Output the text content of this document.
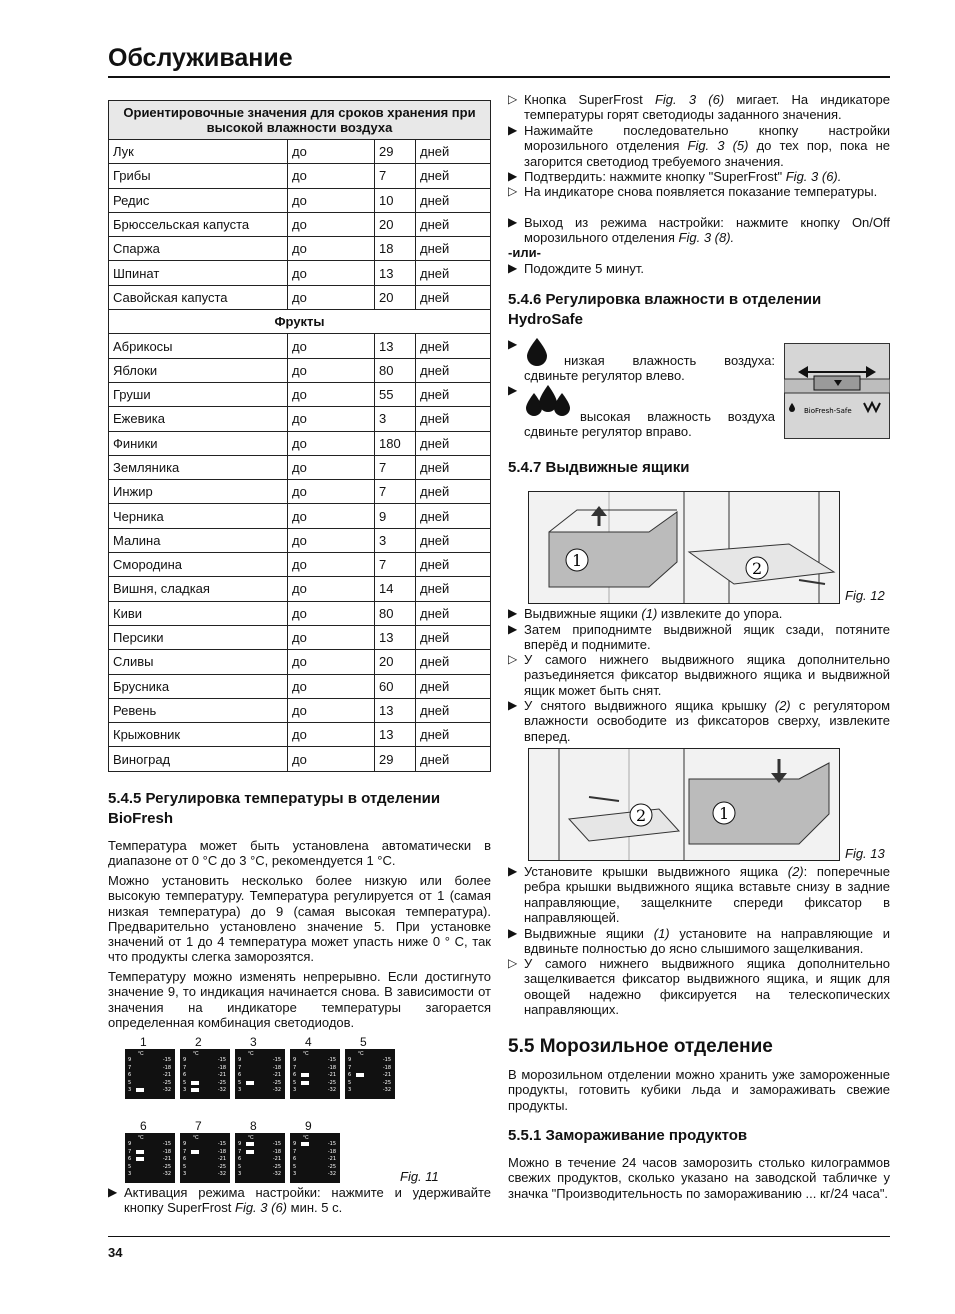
Обслуживание
Ориентировочные значения для сроков хранения при высокой влажности воздуха			
Лук	до	29	дней
Грибы	до	7	дней
Редис	до	10	дней
Брюссельская капуста	до	20	дней
Спаржа	до	18	дней
Шпинат	до	13	дней
Савойская капуста	до	20	дней
Фрукты			
Абрикосы	до	13	дней
Яблоки	до	80	дней
Груши	до	55	дней
Ежевика	до	3	дней
Финики	до	180	дней
Земляника	до	7	дней
Инжир	до	7	дней
Черника	до	9	дней
Малина	до	3	дней
Смородина	до	7	дней
Вишня, сладкая	до	14	дней
Киви	до	80	дней
Персики	до	13	дней
Сливы	до	20	дней
Брусника	до	60	дней
Ревень	до	13	дней
Крыжовник	до	13	дней
Виноград	до	29	дней
5.4.5 Регулировка температуры в отделении BioFresh
Температура может быть установлена автоматически в диапазоне от 0 °C до 3 °C, рекомендуется 1 °C.
Можно установить несколько более низкую или более высокую температуру. Температура регулируется от 1 (самая низкая температура) до 9 (самая высокая температура). Предварительно установлено значение 5. При установке значений от 1 до 4 температура может упасть ниже 0 ° C, так что продукты слегка заморозятся.
Температуру можно изменять непрерывно. Если достигнуто значение 9, то индикация начинается снова. В зависимости от значения на индикаторе температуры загорается определенная комбинация светодиодов.
1
°C
9	-15
7	-18
6	-21
5	-25
3	-32
2
°C
9	-15
7	-18
6	-21
5	-25
3	-32
3
°C
9	-15
7	-18
6	-21
5	-25
3	-32
4
°C
9	-15
7	-18
6	-21
5	-25
3	-32
5
°C
9	-15
7	-18
6	-21
5	-25
3	-32
6
°C
9	-15
7	-18
6	-21
5	-25
3	-32
7
°C
9	-15
7	-18
6	-21
5	-25
3	-32
8
°C
9	-15
7	-18
6	-21
5	-25
3	-32
9
°C
9	-15
7	-18
6	-21
5	-25
3	-32	Fig. 11
▶ Активация режима настройки: нажмите и удерживайте кнопку SuperFrost Fig. 3 (6) мин. 5 с.
▷ Кнопка SuperFrost Fig. 3 (6) мигает. На индикаторе температуры горят светодиоды заданного значения.
▶ Нажимайте последовательно кнопку настройки морозильного отделения Fig. 3 (5) до тех пор, пока не загорится светодиод требуемого значения.
▶ Подтвердить: нажмите кнопку "SuperFrost" Fig. 3 (6).
▷ На индикаторе снова появляется показание температуры.
▶ Выход из режима настройки: нажмите кнопку On/Off морозильного отделения Fig. 3 (8).
-или-
▶ Подождите 5 минут.
5.4.6 Регулировка влажности в отделении HydroSafe
▶
низкая влажность воздуха: сдвиньте регулятор влево.
▶
высокая влажность воздуха сдвиньте регулятор вправо.
BioFresh-Safe
5.4.7 Выдвижные ящики
1	2
Fig. 12
▶ Выдвижные ящики (1) извлеките до упора.
▶ Затем приподнимте выдвижной ящик сзади, потяните вперёд и поднимите.
▷ У самого нижнего выдвижного ящика дополнительно разъединяется фиксатор выдвижного ящика и выдвижной ящик может быть снят.
▶ У снятого выдвижного ящика крышку (2) с регулятором влажности освободите из фиксаторов сверху, извлеките вперед.
2	1
Fig. 13
▶ Установите крышки выдвижного ящика (2): поперечные ребра крышки выдвижного ящика вставьте снизу в задние направляющие, защелкните спереди фиксатор в направляющей.
▶ Выдвижные ящики (1) установите на направляющие и вдвиньте полностью до ясно слышимого защелкивания.
▷ У самого нижнего выдвижного ящика дополнительно защелкивается фиксатор выдвижного ящика, и ящик для овощей надежно фиксируется на телескопических направляющих.
5.5 Морозильное отделение
В морозильном отделении можно хранить уже замороженные продукты, готовить кубики льда и замораживать свежие продукты.
5.5.1 Замораживание продуктов
Можно в течение 24 часов заморозить столько килограммов свежих продуктов, сколько указано на заводской табличке у значка "Производительность по замораживанию ... кг/24 часа".
34
